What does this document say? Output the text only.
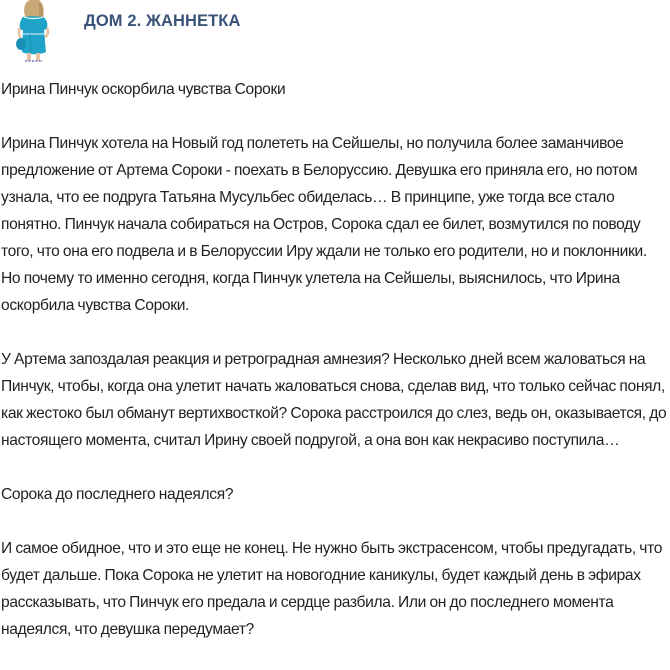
ДОМ 2. ЖАННЕТКА

Ирина Пинчук оскорбила чувства Сороки

Ирина Пинчук хотела на Новый год полететь на Сейшелы, но получила более заманчивое предложение от Артема Сороки - поехать в Белоруссию. Девушка его приняла его, но потом узнала, что ее подруга Татьяна Мусульбес обиделась… В принципе, уже тогда все стало понятно. Пинчук начала собираться на Остров, Сорока сдал ее билет, возмутился по поводу того, что она его подвела и в Белоруссии Иру ждали не только его родители, но и поклонники. Но почему то именно сегодня, когда Пинчук улетела на Сейшелы, выяснилось, что Ирина оскорбила чувства Сороки.

У Артема запоздалая реакция и ретроградная амнезия? Несколько дней всем жаловаться на Пинчук, чтобы, когда она улетит начать жаловаться снова, сделав вид, что только сейчас понял, как жестоко был обманут вертихвосткой? Сорока расстроился до слез, ведь он, оказывается, до настоящего момента, считал Ирину своей подругой, а она вон как некрасиво поступила…

Сорока до последнего надеялся?

И самое обидное, что и это еще не конец. Не нужно быть экстрасенсом, чтобы предугадать, что будет дальше. Пока Сорока не улетит на новогодние каникулы, будет каждый день в эфирах рассказывать, что Пинчук его предала и сердце разбила. Или он до последнего момента надеялся, что девушка передумает?
